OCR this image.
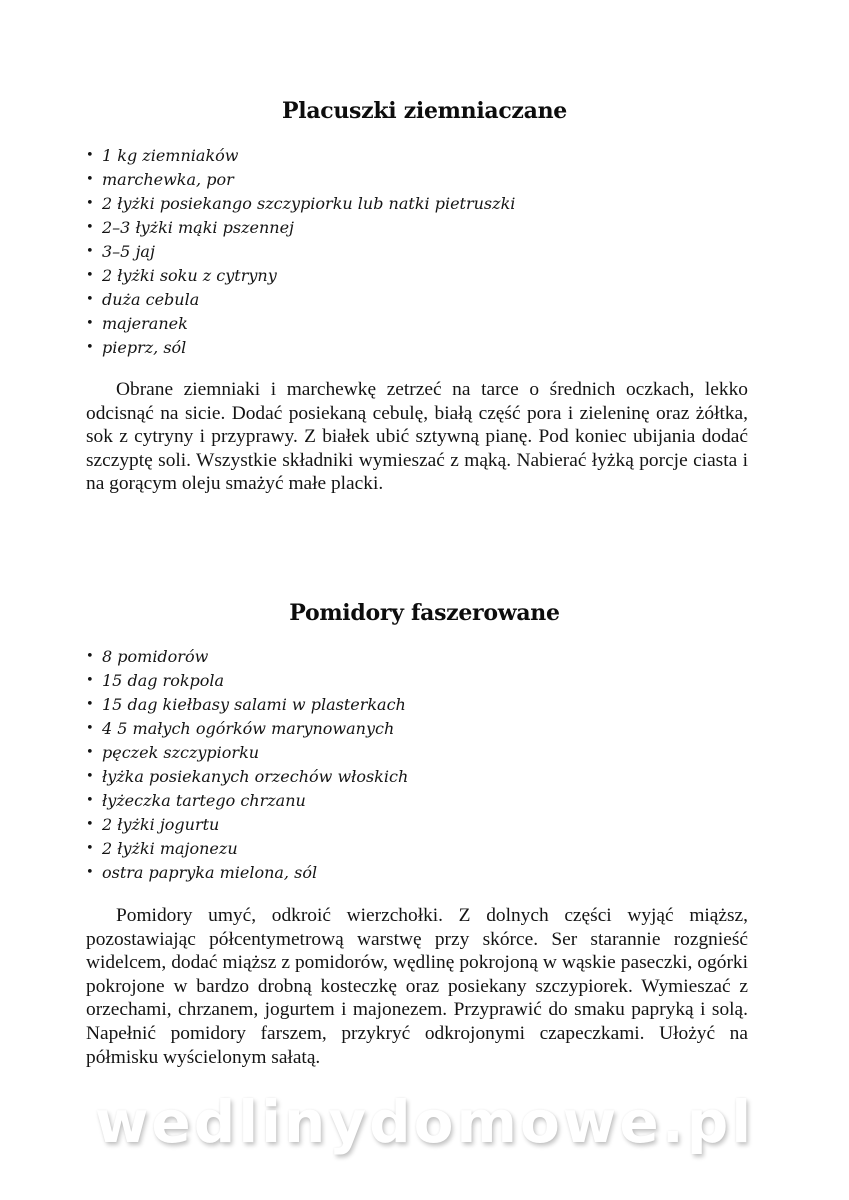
Placuszki ziemniaczane
• 1 kg ziemniaków
• marchewka, por
• 2 łyżki posiekango szczypiorku lub natki pietruszki
• 2–3 łyżki mąki pszennej
• 3–5 jaj
• 2 łyżki soku z cytryny
• duża cebula
• majeranek
• pieprz, sól

Obrane ziemniaki i marchewkę zetrzeć na tarce o średnich oczkach, lekko odcisnąć na sicie. Dodać posiekaną cebulę, białą część pora i zieleninę oraz żółtka, sok z cytryny i przyprawy. Z białek ubić sztywną pianę. Pod koniec ubijania dodać szczyptę soli. Wszystkie składniki wymieszać z mąką. Nabierać łyżką porcje ciasta i na gorącym oleju smażyć małe placki.

Pomidory faszerowane
• 8 pomidorów
• 15 dag rokpola
• 15 dag kiełbasy salami w plasterkach
• 4 5 małych ogórków marynowanych
• pęczek szczypiorku
• łyżka posiekanych orzechów włoskich
• łyżeczka tartego chrzanu
• 2 łyżki jogurtu
• 2 łyżki majonezu
• ostra papryka mielona, sól

Pomidory umyć, odkroić wierzchołki. Z dolnych części wyjąć miąższ, pozostawiając półcentymetrową warstwę przy skórce. Ser starannie rozgnieść widelcem, dodać miąższ z pomidorów, wędlinę pokrojoną w wąskie paseczki, ogórki pokrojone w bardzo drobną kosteczkę oraz posiekany szczypiorek. Wymieszać z orzechami, chrzanem, jogurtem i majonezem. Przyprawić do smaku papryką i solą. Napełnić pomidory farszem, przykryć odkrojonymi czapeczkami. Ułożyć na półmisku wyścielonym sałatą.

wedlinydomowe.pl
